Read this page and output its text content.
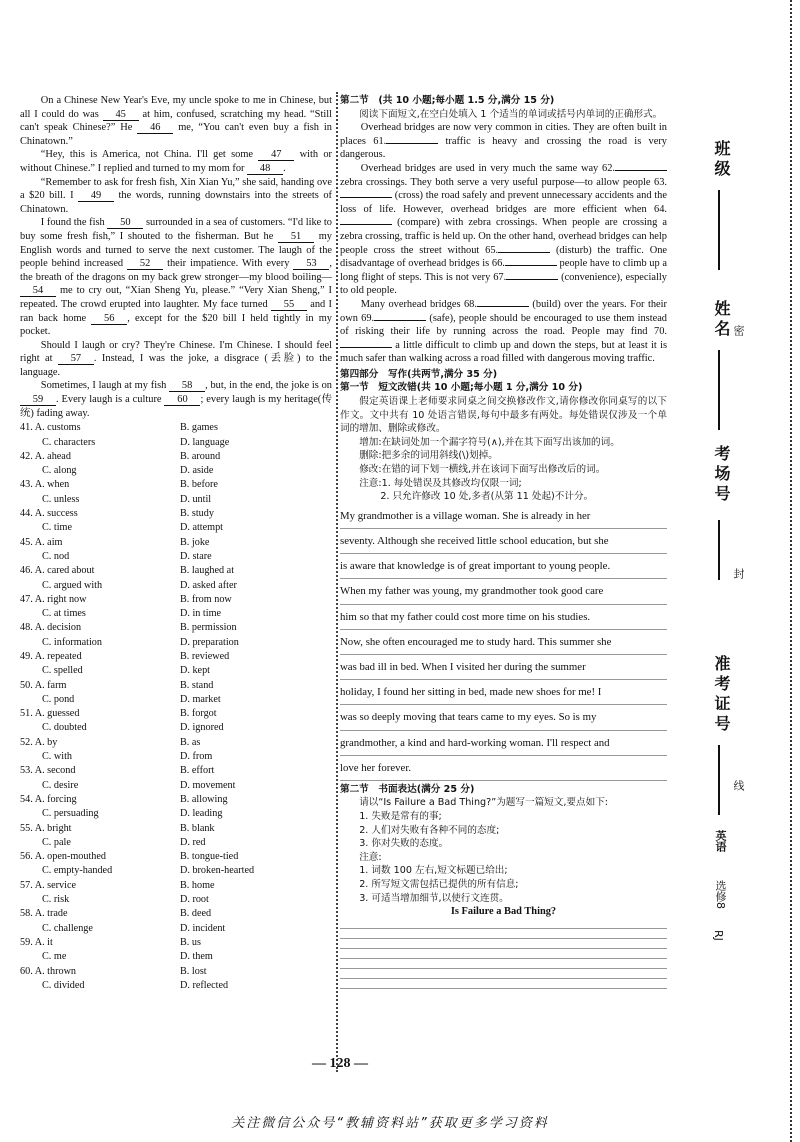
On a Chinese New Year's Eve, my uncle spoke to me in Chinese, but all I could do was 45 at him, confused, scratching my head. “Still can't speak Chinese?” He 46 me, “You can't even buy a fish in Chinatown.”

“Hey, this is America, not China. I'll get some 47 with or without Chinese.” I replied and turned to my mom for 48 .

“Remember to ask for fresh fish, Xin Xian Yu,” she said, handing ove a $20 bill. I 49 the words, running downstairs into the streets of Chinatown.

I found the fish 50 surrounded in a sea of customers. “I'd like to buy some fresh fish,” I shouted to the fisherman. But he 51 my English words and turned to serve the next customer. The laugh of the people behind increased 52 their impatience. With every 53 , the breath of the dragons on my back grew stronger—my blood boiling—54 me to cry out, “Xian Sheng Yu, please.” “Very Xian Sheng,” I repeated. The crowd erupted into laughter. My face turned 55 and I ran back home 56 , except for the $20 bill I held tightly in my pocket.

Should I laugh or cry? They're Chinese. I'm Chinese. I should feel right at 57 . Instead, I was the joke, a disgrace (丢脸) to the language.

Sometimes, I laugh at my fish 58 , but, in the end, the joke is on 59 . Every laugh is a culture 60 ; every laugh is my heritage(传统) fading away.

41. A. customs	B. games
C. characters	D. language
42. A. ahead	B. around
C. along	D. aside
43. A. when	B. before
C. unless	D. until
44. A. success	B. study
C. time	D. attempt
45. A. aim	B. joke
C. nod	D. stare
46. A. cared about	B. laughed at
C. argued with	D. asked after
47. A. right now	B. from now
C. at times	D. in time
48. A. decision	B. permission
C. information	D. preparation
49. A. repeated	B. reviewed
C. spelled	D. kept
50. A. farm	B. stand
C. pond	D. market
51. A. guessed	B. forgot
C. doubted	D. ignored
52. A. by	B. as
C. with	D. from
53. A. second	B. effort
C. desire	D. movement
54. A. forcing	B. allowing
C. persuading	D. leading
55. A. bright	B. blank
C. pale	D. red
56. A. open-mouthed	B. tongue-tied
C. empty-handed	D. broken-hearted
57. A. service	B. home
C. risk	D. root
58. A. trade	B. deed
C. challenge	D. incident
59. A. it	B. us
C. me	D. them
60. A. thrown	B. lost
C. divided	D. reflected

第二节　(共 10 小题;每小题 1.5 分,满分 15 分)

阅读下面短文,在空白处填入 1 个适当的单词或括号内单词的正确形式。

Overhead bridges are now very common in cities. They are often built in places 61.	traffic is heavy and crossing the road is very dangerous.

Overhead bridges are used in very much the same way 62. zebra crossings. They both serve a very useful purpose—to allow people 63. (cross) the road safely and prevent unnecessary accidents and the loss of life. However, overhead bridges are more efficient when 64. (compare) with zebra crossings. When people are crossing a zebra crossing, traffic is held up. On the other hand, overhead bridges can help people cross the street without 65.	(disturb) the traffic. One disadvantage of overhead bridges is 66.	people have to climb up a long flight of steps. This is not very 67.	(convenience), especially to old people.

Many overhead bridges 68.	(build) over the years. For their own 69.	(safe), people should be encouraged to use them instead of risking their life by running across the road. People may find 70. a little difficult to climb up and down the steps, but at least it is much safer than walking across a road filled with dangerous moving traffic.

第四部分　写作(共两节,满分 35 分)

第一节　短文改错(共 10 小题;每小题 1 分,满分 10 分)

假定英语课上老师要求同桌之间交换修改作文,请你修改你同桌写的以下作文。文中共有 10 处语言错误,每句中最多有两处。每处错误仅涉及一个单词的增加、删除或修改。

增加:在缺词处加一个漏字符号(∧),并在其下面写出该加的词。

删除:把多余的词用斜线(\)划掉。

修改:在错的词下划一横线,并在该词下面写出修改后的词。

注意:1. 每处错误及其修改均仅限一词;

2. 只允许修改 10 处,多者(从第 11 处起)不计分。

My grandmother is a village woman. She is already in her
seventy. Although she received little school education, but she
is aware that knowledge is of great important to young people.
When my father was young, my grandmother took good care
him so that my father could cost more time on his studies.
Now, she often encouraged me to study hard. This summer she
was bad ill in bed. When I visited her during the summer
holiday, I found her sitting in bed, made new shoes for me! I
was so deeply moving that tears came to my eyes. So is my
grandmother, a kind and hard-working woman. I'll respect and
love her forever.

第二节　书面表达(满分 25 分)

请以“Is Failure a Bad Thing?”为题写一篇短文,要点如下:

1. 失败是常有的事;
2. 人们对失败有各种不同的态度;
3. 你对失败的态度。
注意:
1. 词数 100 左右,短文标题已给出;
2. 所写短文需包括已提供的所有信息;
3. 可适当增加细节,以使行文连贯。

Is Failure a Bad Thing?

班级
姓名 密
考场号
封
准考证号
线
英语
选修8
RJ
— 128 —
关注微信公众号“教辅资料站”获取更多学习资料
